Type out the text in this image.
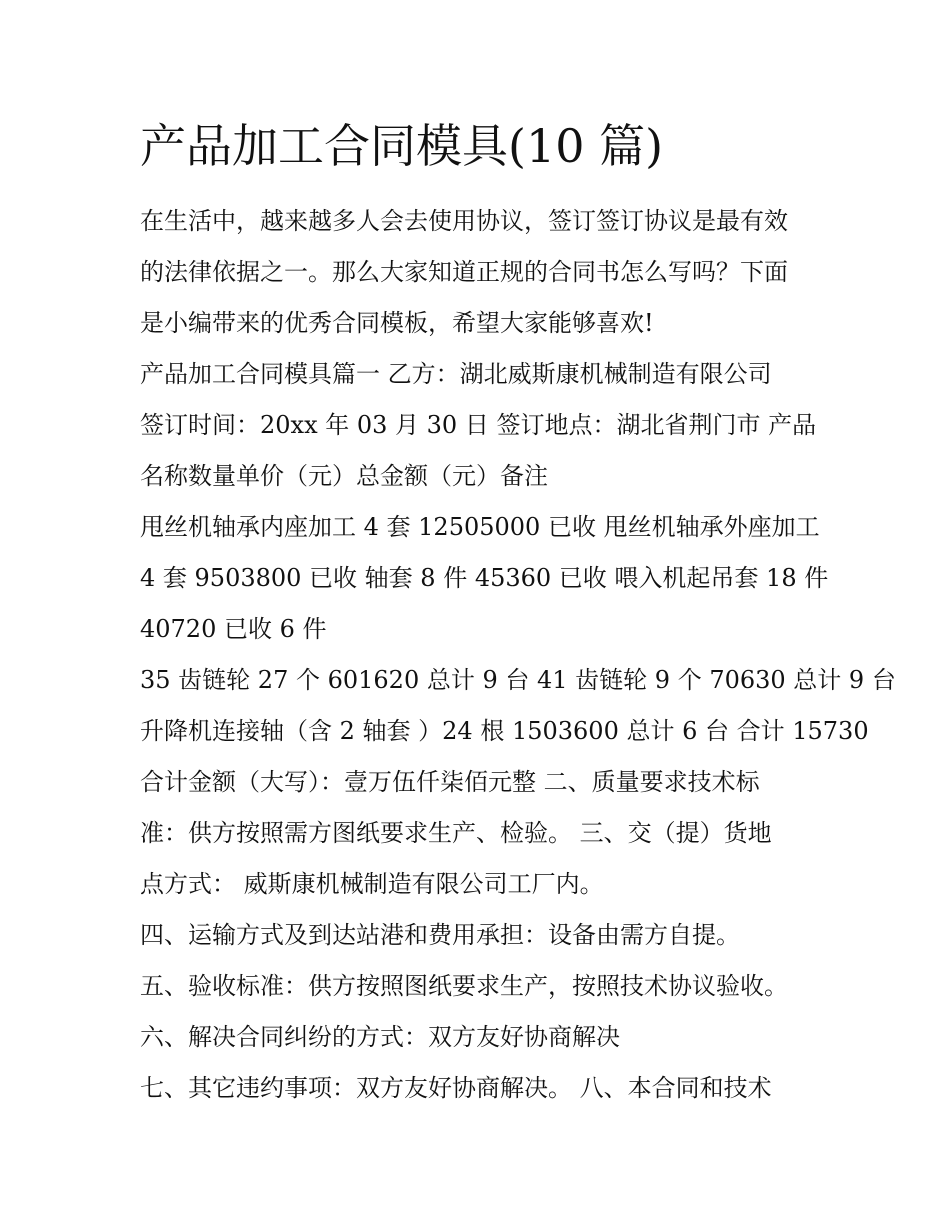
产品加工合同模具(10 篇)

在生活中，越来越多人会去使用协议，签订签订协议是最有效

的法律依据之一。那么大家知道正规的合同书怎么写吗？下面

是小编带来的优秀合同模板，希望大家能够喜欢!

产品加工合同模具篇一 乙方：湖北威斯康机械制造有限公司

签订时间：20xx 年 03 月 30 日 签订地点：湖北省荆门市 产品

名称数量单价（元）总金额（元）备注

甩丝机轴承内座加工 4 套 12505000 已收 甩丝机轴承外座加工

4 套 9503800 已收 轴套 8 件 45360 已收 喂入机起吊套 18 件

40720 已收 6 件

35 齿链轮 27 个 601620 总计 9 台 41 齿链轮 9 个 70630 总计 9 台

升降机连接轴（含 2 轴套 ）24 根 1503600 总计 6 台 合计 15730

合计金额（大写）：壹万伍仟柒佰元整 二、质量要求技术标

准：供方按照需方图纸要求生产、检验。 三、交（提）货地

点方式： 威斯康机械制造有限公司工厂内。

四、运输方式及到达站港和费用承担：设备由需方自提。

五、验收标准：供方按照图纸要求生产，按照技术协议验收。

六、解决合同纠纷的方式：双方友好协商解决

七、其它违约事项：双方友好协商解决。 八、本合同和技术
